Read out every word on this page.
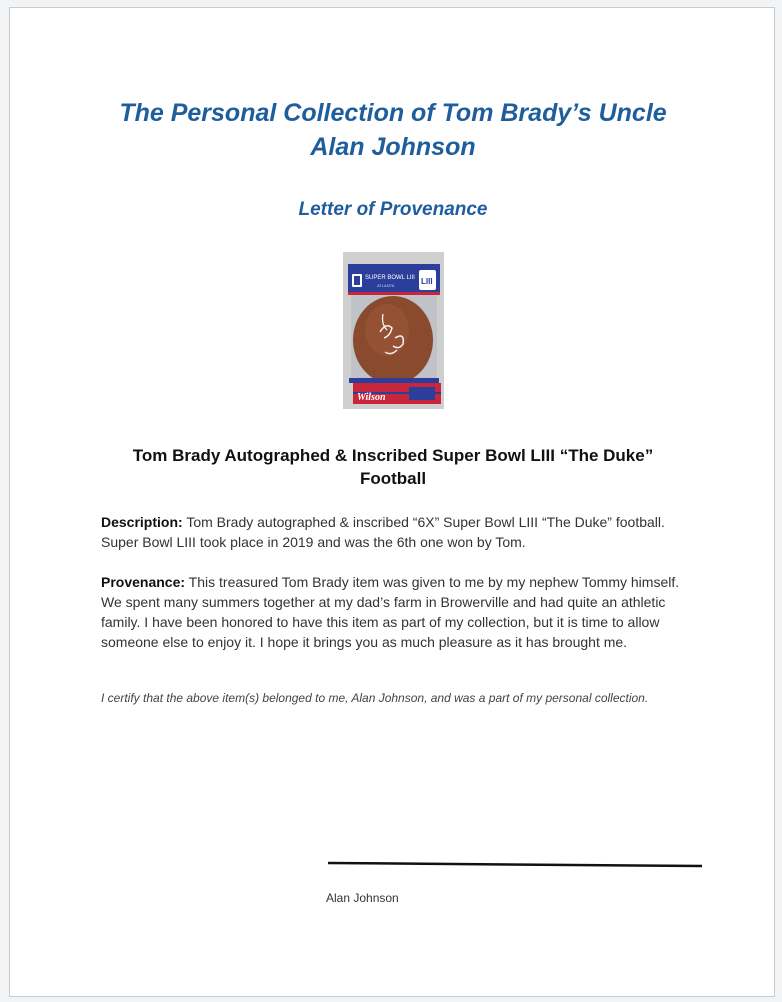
The Personal Collection of Tom Brady’s Uncle
Alan Johnson
Letter of Provenance
SUPER BOWL LIII
ATLANTA	LIII
Wilson
Tom Brady Autographed & Inscribed Super Bowl LIII “The Duke”
Football
Description: Tom Brady autographed & inscribed “6X” Super Bowl LIII “The Duke” football. Super Bowl LIII took place in 2019 and was the 6th one won by Tom.
Provenance: This treasured Tom Brady item was given to me by my nephew Tommy himself. We spent many summers together at my dad’s farm in Browerville and had quite an athletic family. I have been honored to have this item as part of my collection, but it is time to allow someone else to enjoy it. I hope it brings you as much pleasure as it has brought me.
I certify that the above item(s) belonged to me, Alan Johnson, and was a part of my personal collection.
Alan Johnson
